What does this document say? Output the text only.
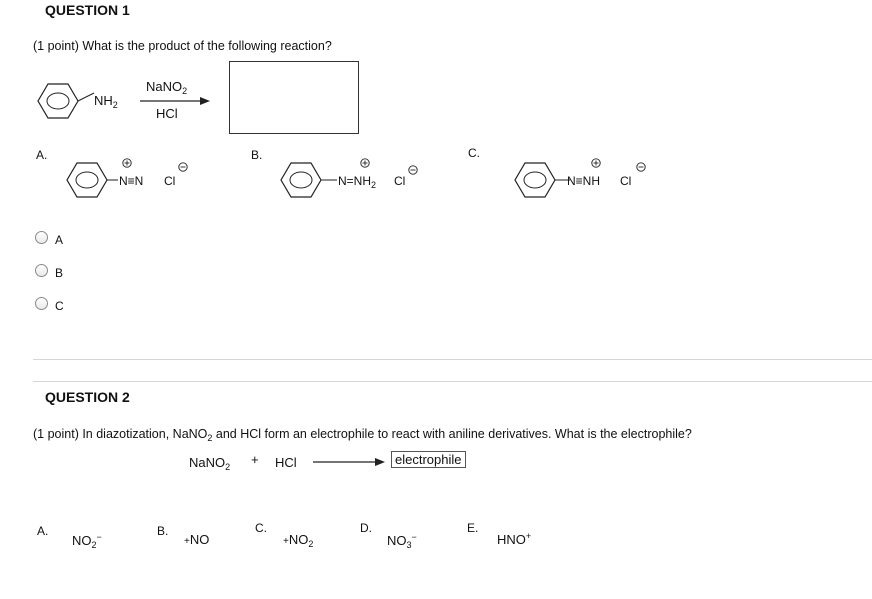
QUESTION 1
(1 point) What is the product of the following reaction?
$NH_2$
NaNO$_2$
HCl
A.
N≡N Cl
B.
$N=NH_2$ Cl
C.
N≡NH Cl
A
B
C
QUESTION 2
(1 point) In diazotization, NaNO$_2$ and HCl form an electrophile to react with aniline derivatives. What is the electrophile?
NaNO$_2$ + HCl	electrophile
A.
$NO_2^-$	B.
+NO
C.
$+NO_2$
D.
$NO_3^-$
E.
HNO+
